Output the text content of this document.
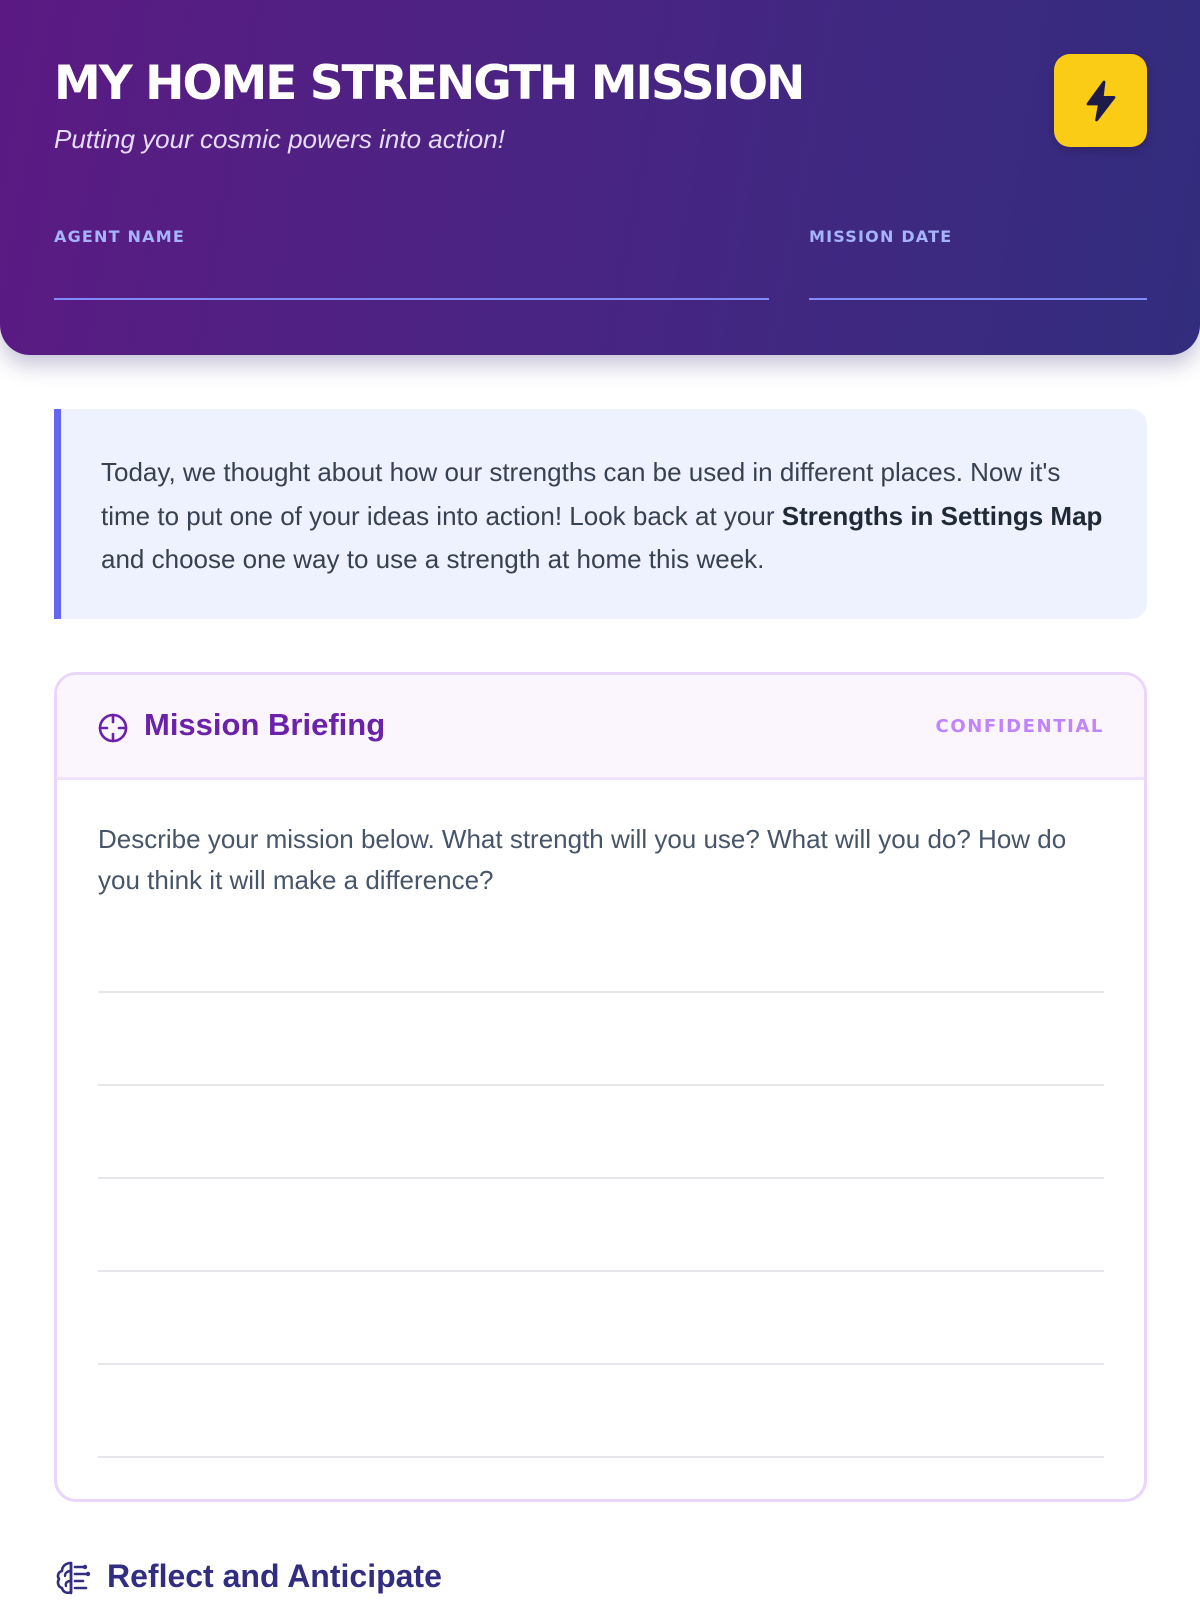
MY HOME STRENGTH MISSION

Putting your cosmic powers into action!

AGENT NAME	MISSION DATE
Today, we thought about how our strengths can be used in different places. Now it's time to put one of your ideas into action! Look back at your Strengths in Settings Map and choose one way to use a strength at home this week.
Mission Briefing	CONFIDENTIAL

Describe your mission below. What strength will you use? What will you do? How do you think it will make a difference?

Reflect and Anticipate
